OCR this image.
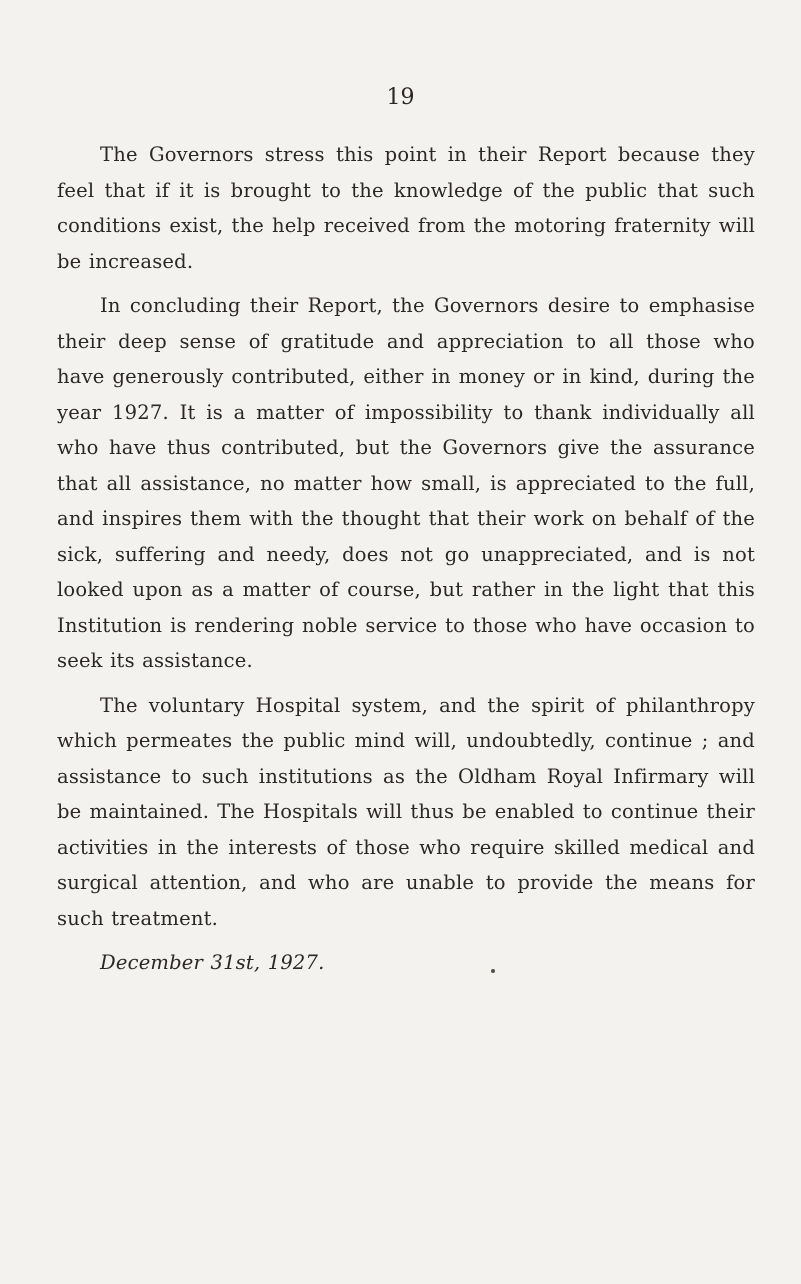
19

The Governors stress this point in their Report because they feel that if it is brought to the knowledge of the public that such conditions exist, the help received from the motoring fraternity will be increased.

In concluding their Report, the Governors desire to emphasise their deep sense of gratitude and appreciation to all those who have generously contributed, either in money or in kind, during the year 1927. It is a matter of impossibility to thank individually all who have thus contributed, but the Governors give the assurance that all assistance, no matter how small, is appreciated to the full, and inspires them with the thought that their work on behalf of the sick, suffering and needy, does not go unappreciated, and is not looked upon as a matter of course, but rather in the light that this Institution is rendering noble service to those who have occasion to seek its assistance.

The voluntary Hospital system, and the spirit of philanthropy which permeates the public mind will, undoubtedly, continue ; and assistance to such institutions as the Oldham Royal Infirmary will be maintained. The Hospitals will thus be enabled to continue their activities in the interests of those who require skilled medical and surgical attention, and who are unable to provide the means for such treatment.

December 31st, 1927.
